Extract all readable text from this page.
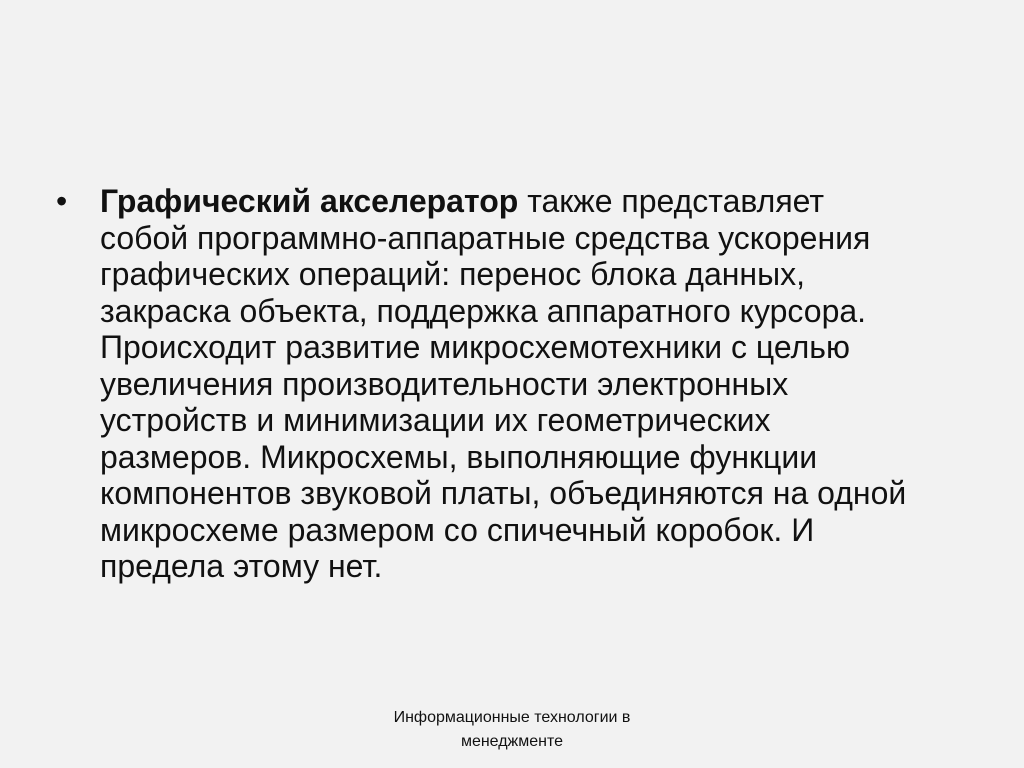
•	Графический акселератор также представляет
собой программно-аппаратные средства ускорения
графических операций: перенос блока данных,
закраска объекта, поддержка аппаратного курсора.
Происходит развитие микросхемотехники с целью
увеличения производительности электронных
устройств и минимизации их геометрических
размеров. Микросхемы, выполняющие функции
компонентов звуковой платы, объединяются на одной
микросхеме размером со спичечный коробок. И
предела этому нет.
Информационные технологии в
менеджменте
